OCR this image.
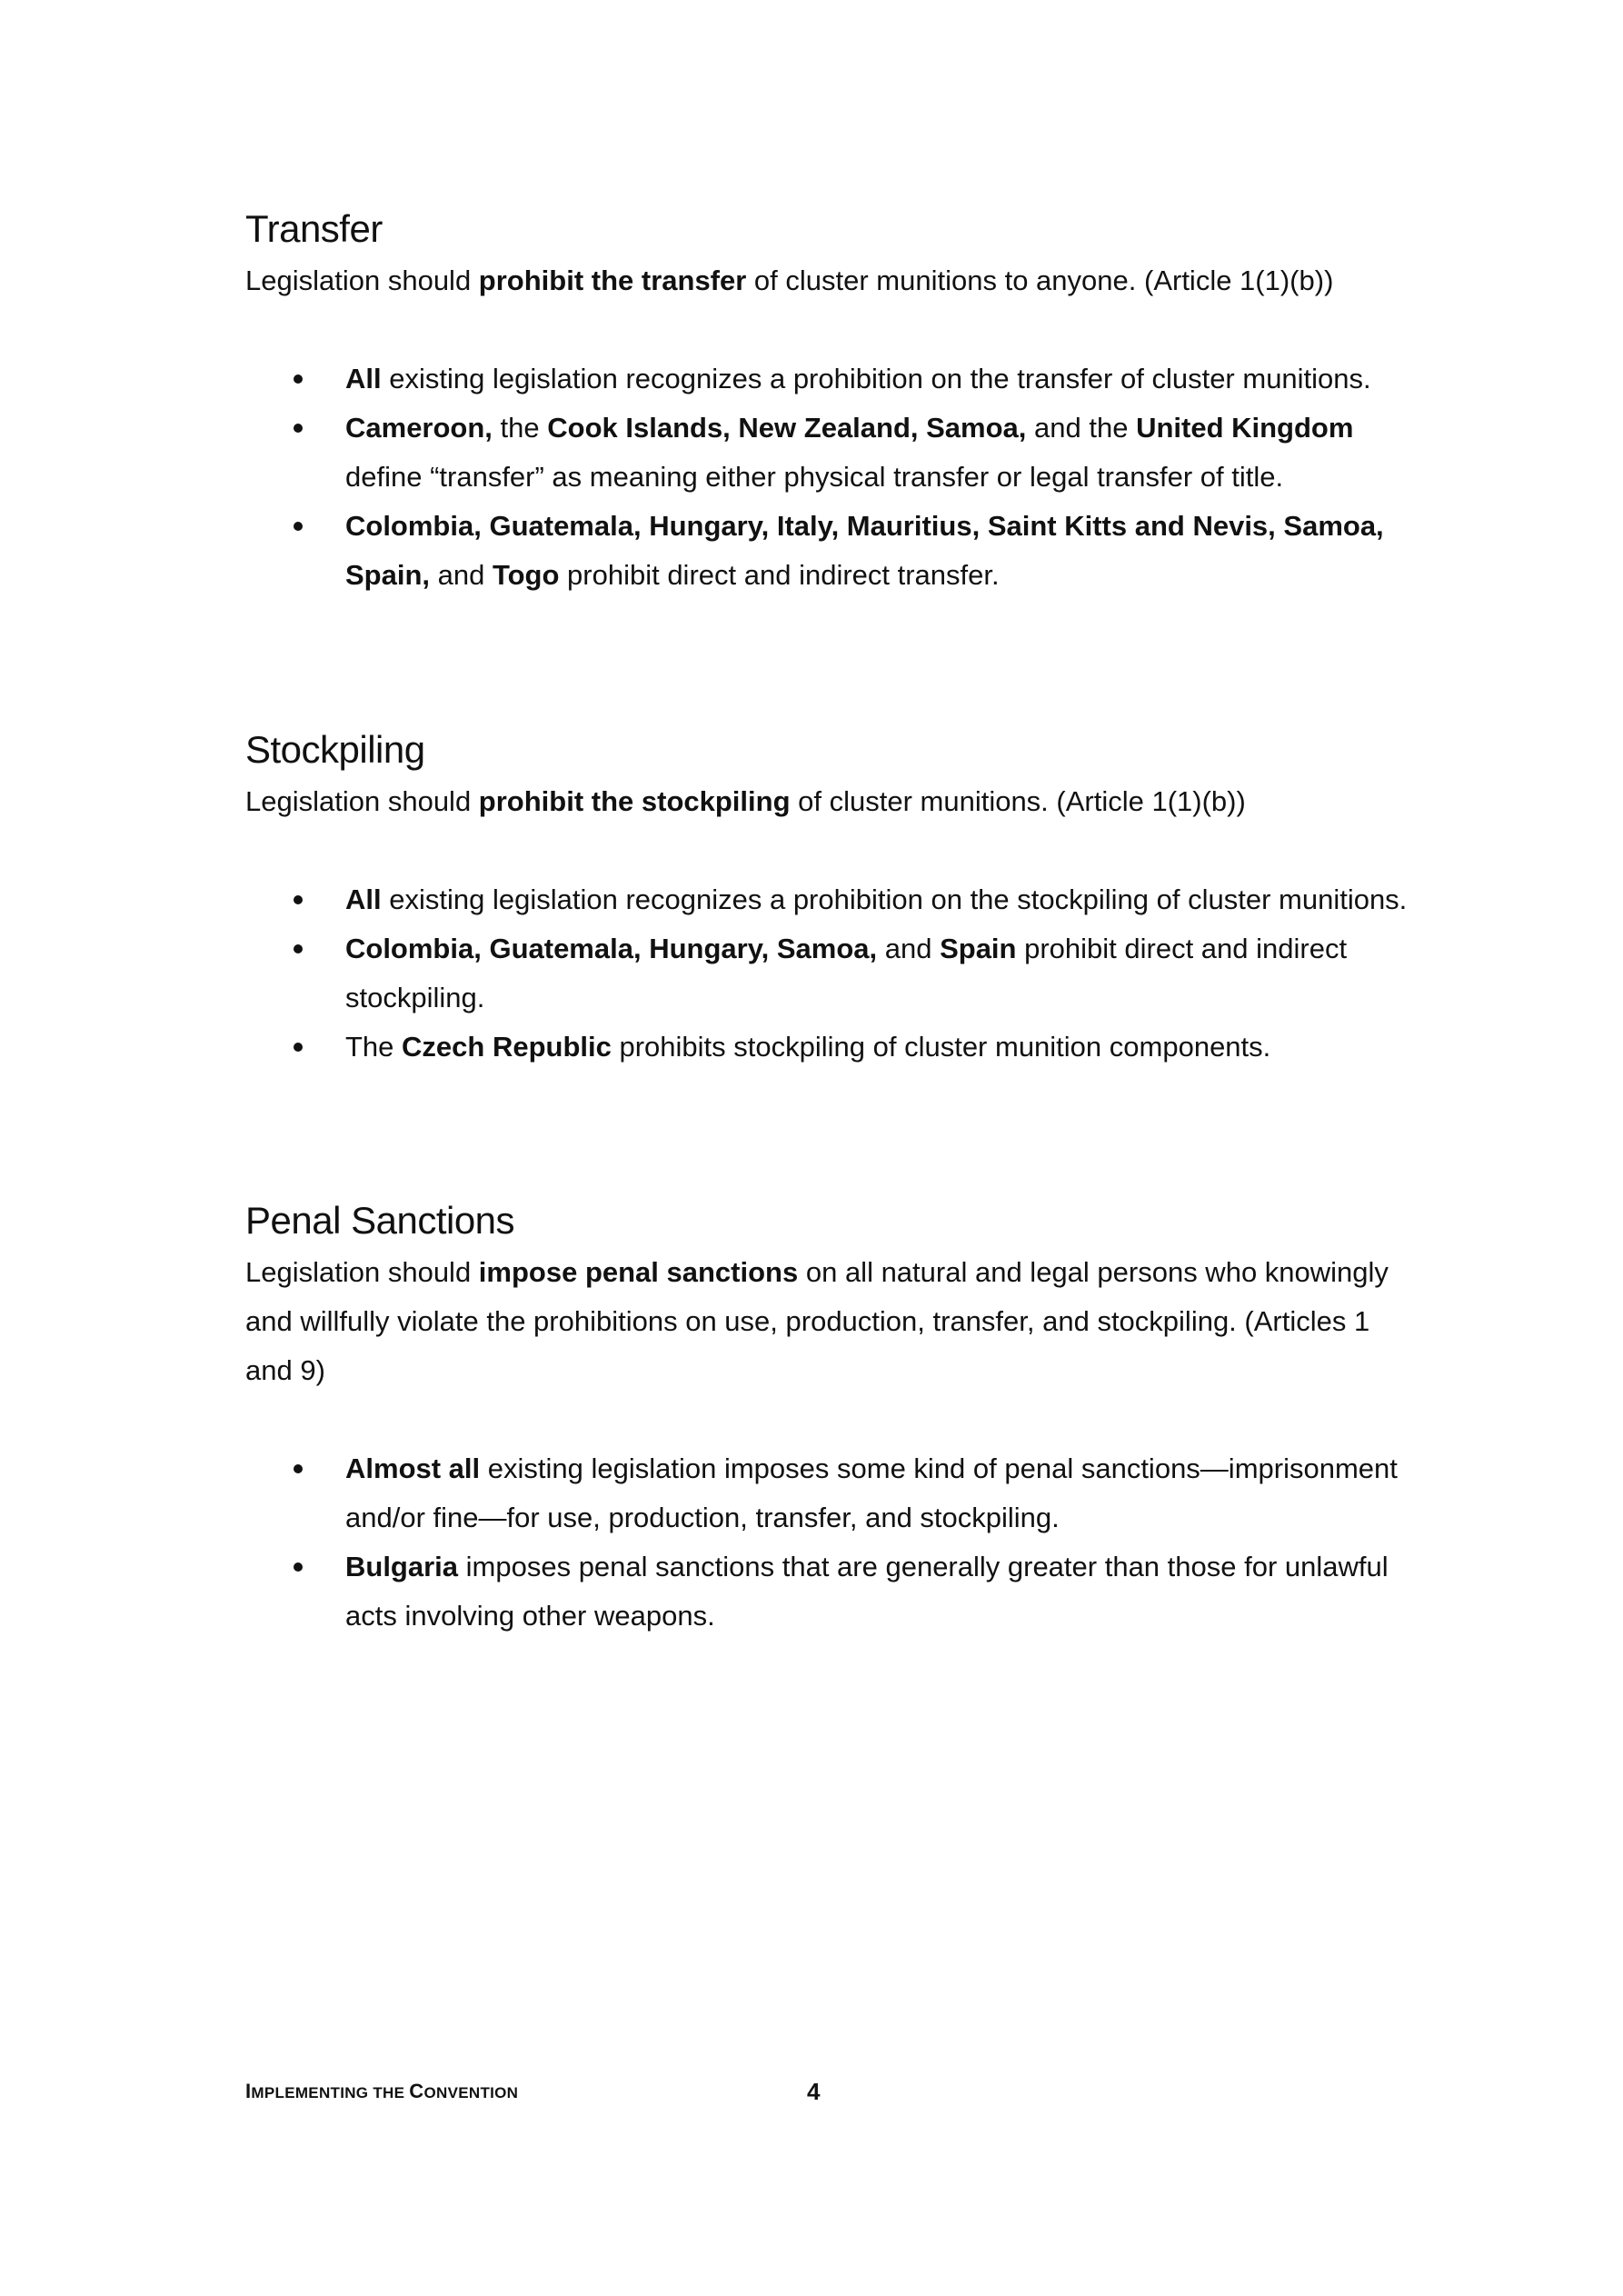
Transfer

Legislation should prohibit the transfer of cluster munitions to anyone. (Article 1(1)(b))

All existing legislation recognizes a prohibition on the transfer of cluster munitions.
Cameroon, the Cook Islands, New Zealand, Samoa, and the United Kingdom define “transfer” as meaning either physical transfer or legal transfer of title.
Colombia, Guatemala, Hungary, Italy, Mauritius, Saint Kitts and Nevis, Samoa, Spain, and Togo prohibit direct and indirect transfer.
Stockpiling

Legislation should prohibit the stockpiling of cluster munitions. (Article 1(1)(b))

All existing legislation recognizes a prohibition on the stockpiling of cluster munitions.
Colombia, Guatemala, Hungary, Samoa, and Spain prohibit direct and indirect stockpiling.
The Czech Republic prohibits stockpiling of cluster munition components.
Penal Sanctions

Legislation should impose penal sanctions on all natural and legal persons who knowingly and willfully violate the prohibitions on use, production, transfer, and stockpiling. (Articles 1 and 9)

Almost all existing legislation imposes some kind of penal sanctions—imprisonment and/or fine—for use, production, transfer, and stockpiling.
Bulgaria imposes penal sanctions that are generally greater than those for unlawful acts involving other weapons.
IMPLEMENTING THE CONVENTION	4
